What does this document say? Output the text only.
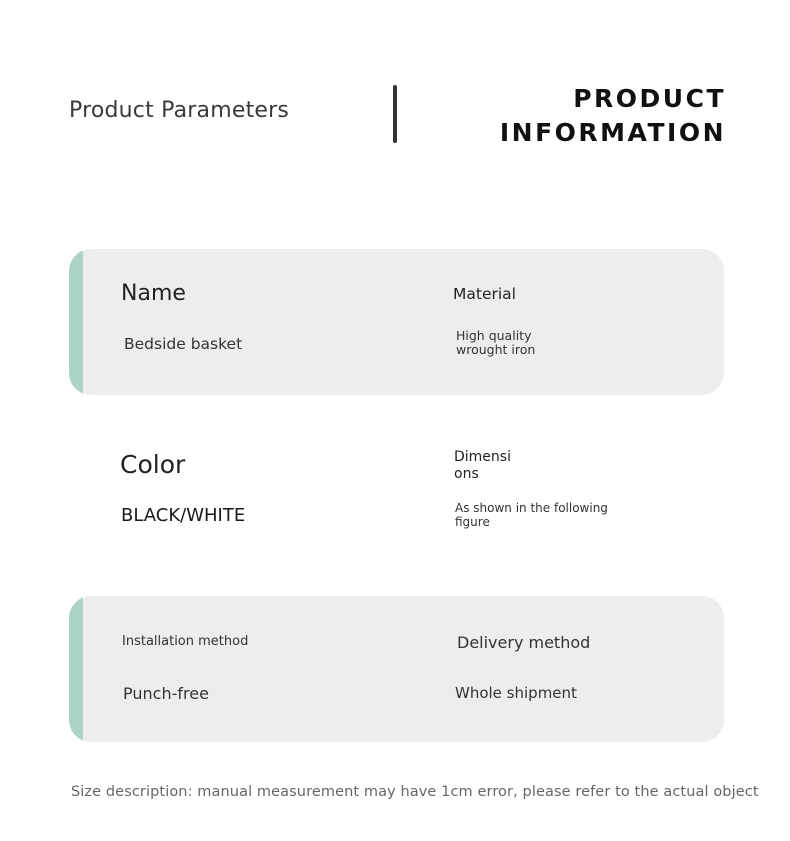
Product Parameters	PRODUCT
INFORMATION
Name
Bedside basket
Material
High quality
wrought iron
Color
BLACK/WHITE
Dimensi
ons
As shown in the following
figure
Installation method
Punch-free
Delivery method
Whole shipment
Size description: manual measurement may have 1cm error, please refer to the actual object
